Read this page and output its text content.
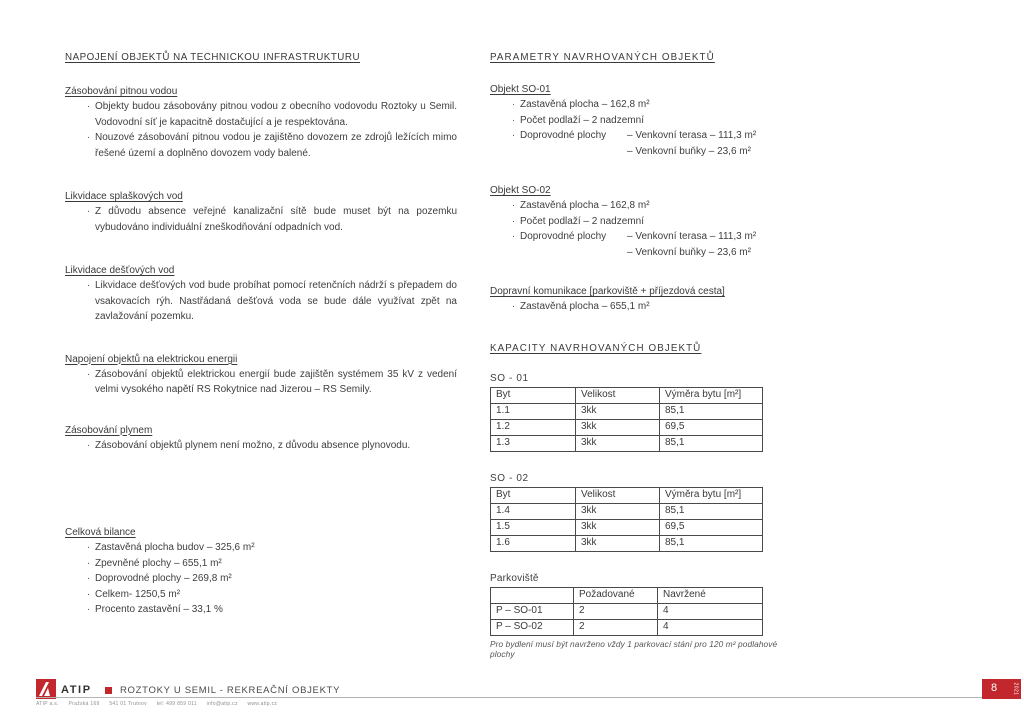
NAPOJENÍ OBJEKTŮ NA TECHNICKOU INFRASTRUKTURU
Zásobování pitnou vodou
· Objekty budou zásobovány pitnou vodou z obecního vodovodu Roztoky u Semil. Vodovodní síť je kapacitně dostačující a je respektována.

· Nouzové zásobování pitnou vodou je zajištěno dovozem ze zdrojů ležících mimo řešené území a doplněno dovozem vody balené.

Likvidace splaškových vod
· Z důvodu absence veřejné kanalizační sítě bude muset být na pozemku vybudováno individuální zneškodňování odpadních vod.

Likvidace dešťových vod
· Likvidace dešťových vod bude probíhat pomocí retenčních nádrží s přepadem do vsakovacích rýh. Nastřádaná dešťová voda se bude dále využívat zpět na zavlažování pozemku.

Napojení objektů na elektrickou energii
· Zásobování objektů elektrickou energií bude zajištěn systémem 35 kV z vedení velmi vysokého napětí RS Rokytnice nad Jizerou – RS Semily.

Zásobování plynem
· Zásobování objektů plynem není možno, z důvodu absence plynovodu.

Celková bilance
· Zastavěná plocha budov – 325,6 m²

· Zpevněné plochy – 655,1 m²

· Doprovodné plochy – 269,8 m²

· Celkem- 1250,5 m²

· Procento zastavění – 33,1 %

PARAMETRY NAVRHOVANÝCH OBJEKTŮ
Objekt SO-01
· Zastavěná plocha – 162,8 m²

· Počet podlaží – 2 nadzemní

· Doprovodné plochy	– Venkovní terasa – 111,3 m²

– Venkovní buňky – 23,6 m²

Objekt SO-02
· Zastavěná plocha – 162,8 m²

· Počet podlaží – 2 nadzemní

· Doprovodné plochy	– Venkovní terasa – 111,3 m²

– Venkovní buňky – 23,6 m²

Dopravní komunikace [parkoviště + příjezdová cesta]
· Zastavěná plocha – 655,1 m²

KAPACITY NAVRHOVANÝCH OBJEKTŮ
SO - 01
Byt	Velikost	Výměra bytu [m²]
1.1	3kk	85,1
1.2	3kk	69,5
1.3	3kk	85,1
SO - 02
Byt	Velikost	Výměra bytu [m²]
1.4	3kk	85,1
1.5	3kk	69,5
1.6	3kk	85,1
Parkoviště
	Požadované	Navržené
P – SO-01	2	4
P – SO-02	2	4
Pro bydlení musí být navrženo vždy 1 parkovací stání pro 120 m² podlahové plochy
ATIP	ROZTOKY U SEMIL - REKREAČNÍ OBJEKTY
ATIP a.s. Pražská 169 541 01 Trutnov tel: 499 859 011 info@atip.cz www.atip.cz
8	2021
